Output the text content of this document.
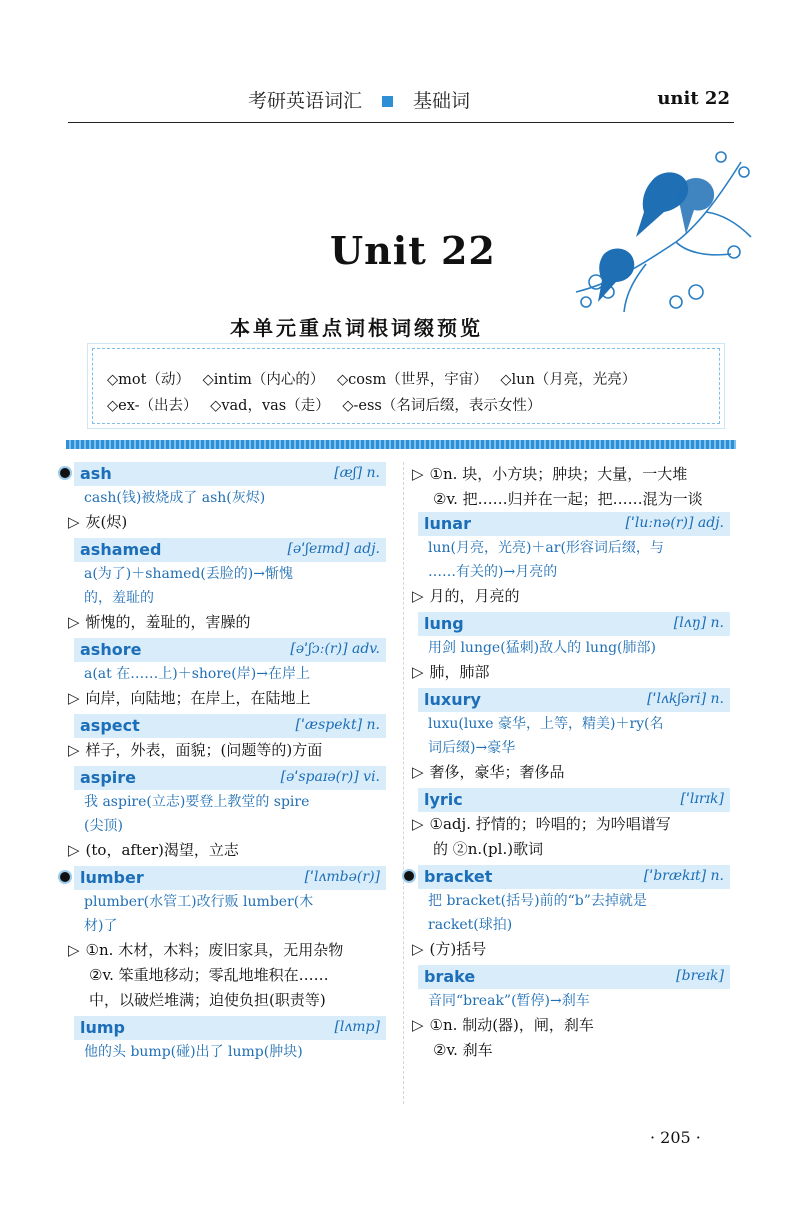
考研英语词汇	基础词	unit 22
Unit 22
本单元重点词根词缀预览
◇mot（动） ◇intim（内心的） ◇cosm（世界，宇宙） ◇lun（月亮，光亮）
◇ex-（出去） ◇vad，vas（走） ◇-ess（名词后缀，表示女性）
ash	[æʃ] n.
cash(钱)被烧成了 ash(灰烬)
▷ 灰(烬)
ashamed	[əˈʃeɪmd] adj.
a(为了)＋shamed(丢脸的)→惭愧
的，羞耻的
▷ 惭愧的，羞耻的，害臊的
ashore	[əˈʃɔː(r)] adv.
a(at 在……上)＋shore(岸)→在岸上
▷ 向岸，向陆地；在岸上，在陆地上
aspect	[ˈæspekt] n.
▷ 样子，外表，面貌；(问题等的)方面
aspire	[əˈspaɪə(r)] vi.
我 aspire(立志)要登上教堂的 spire
(尖顶)
▷ (to，after)渴望，立志
lumber	[ˈlʌmbə(r)]
plumber(水管工)改行贩 lumber(木
材)了
▷ ①n. 木材，木料；废旧家具，无用杂物
②v. 笨重地移动；零乱地堆积在……
中，以破烂堆满；迫使负担(职责等)
lump	[lʌmp]
他的头 bump(碰)出了 lump(肿块)
▷ ①n. 块，小方块；肿块；大量，一大堆
②v. 把……归并在一起；把……混为一谈
lunar	[ˈluːnə(r)] adj.
lun(月亮，光亮)＋ar(形容词后缀，与
……有关的)→月亮的
▷ 月的，月亮的
lung	[lʌŋ] n.
用剑 lunge(猛刺)敌人的 lung(肺部)
▷ 肺，肺部
luxury	[ˈlʌkʃəri] n.
luxu(luxe 豪华，上等，精美)＋ry(名
词后缀)→豪华
▷ 奢侈，豪华；奢侈品
lyric	[ˈlɪrɪk]
▷ ①adj. 抒情的；吟唱的；为吟唱谱写
的 ②n.(pl.)歌词
bracket	[ˈbrækɪt] n.
把 bracket(括号)前的“b”去掉就是
racket(球拍)
▷ (方)括号
brake	[breɪk]
音同“break”(暂停)→刹车
▷ ①n. 制动(器)，闸，刹车
②v. 刹车
· 205 ·
